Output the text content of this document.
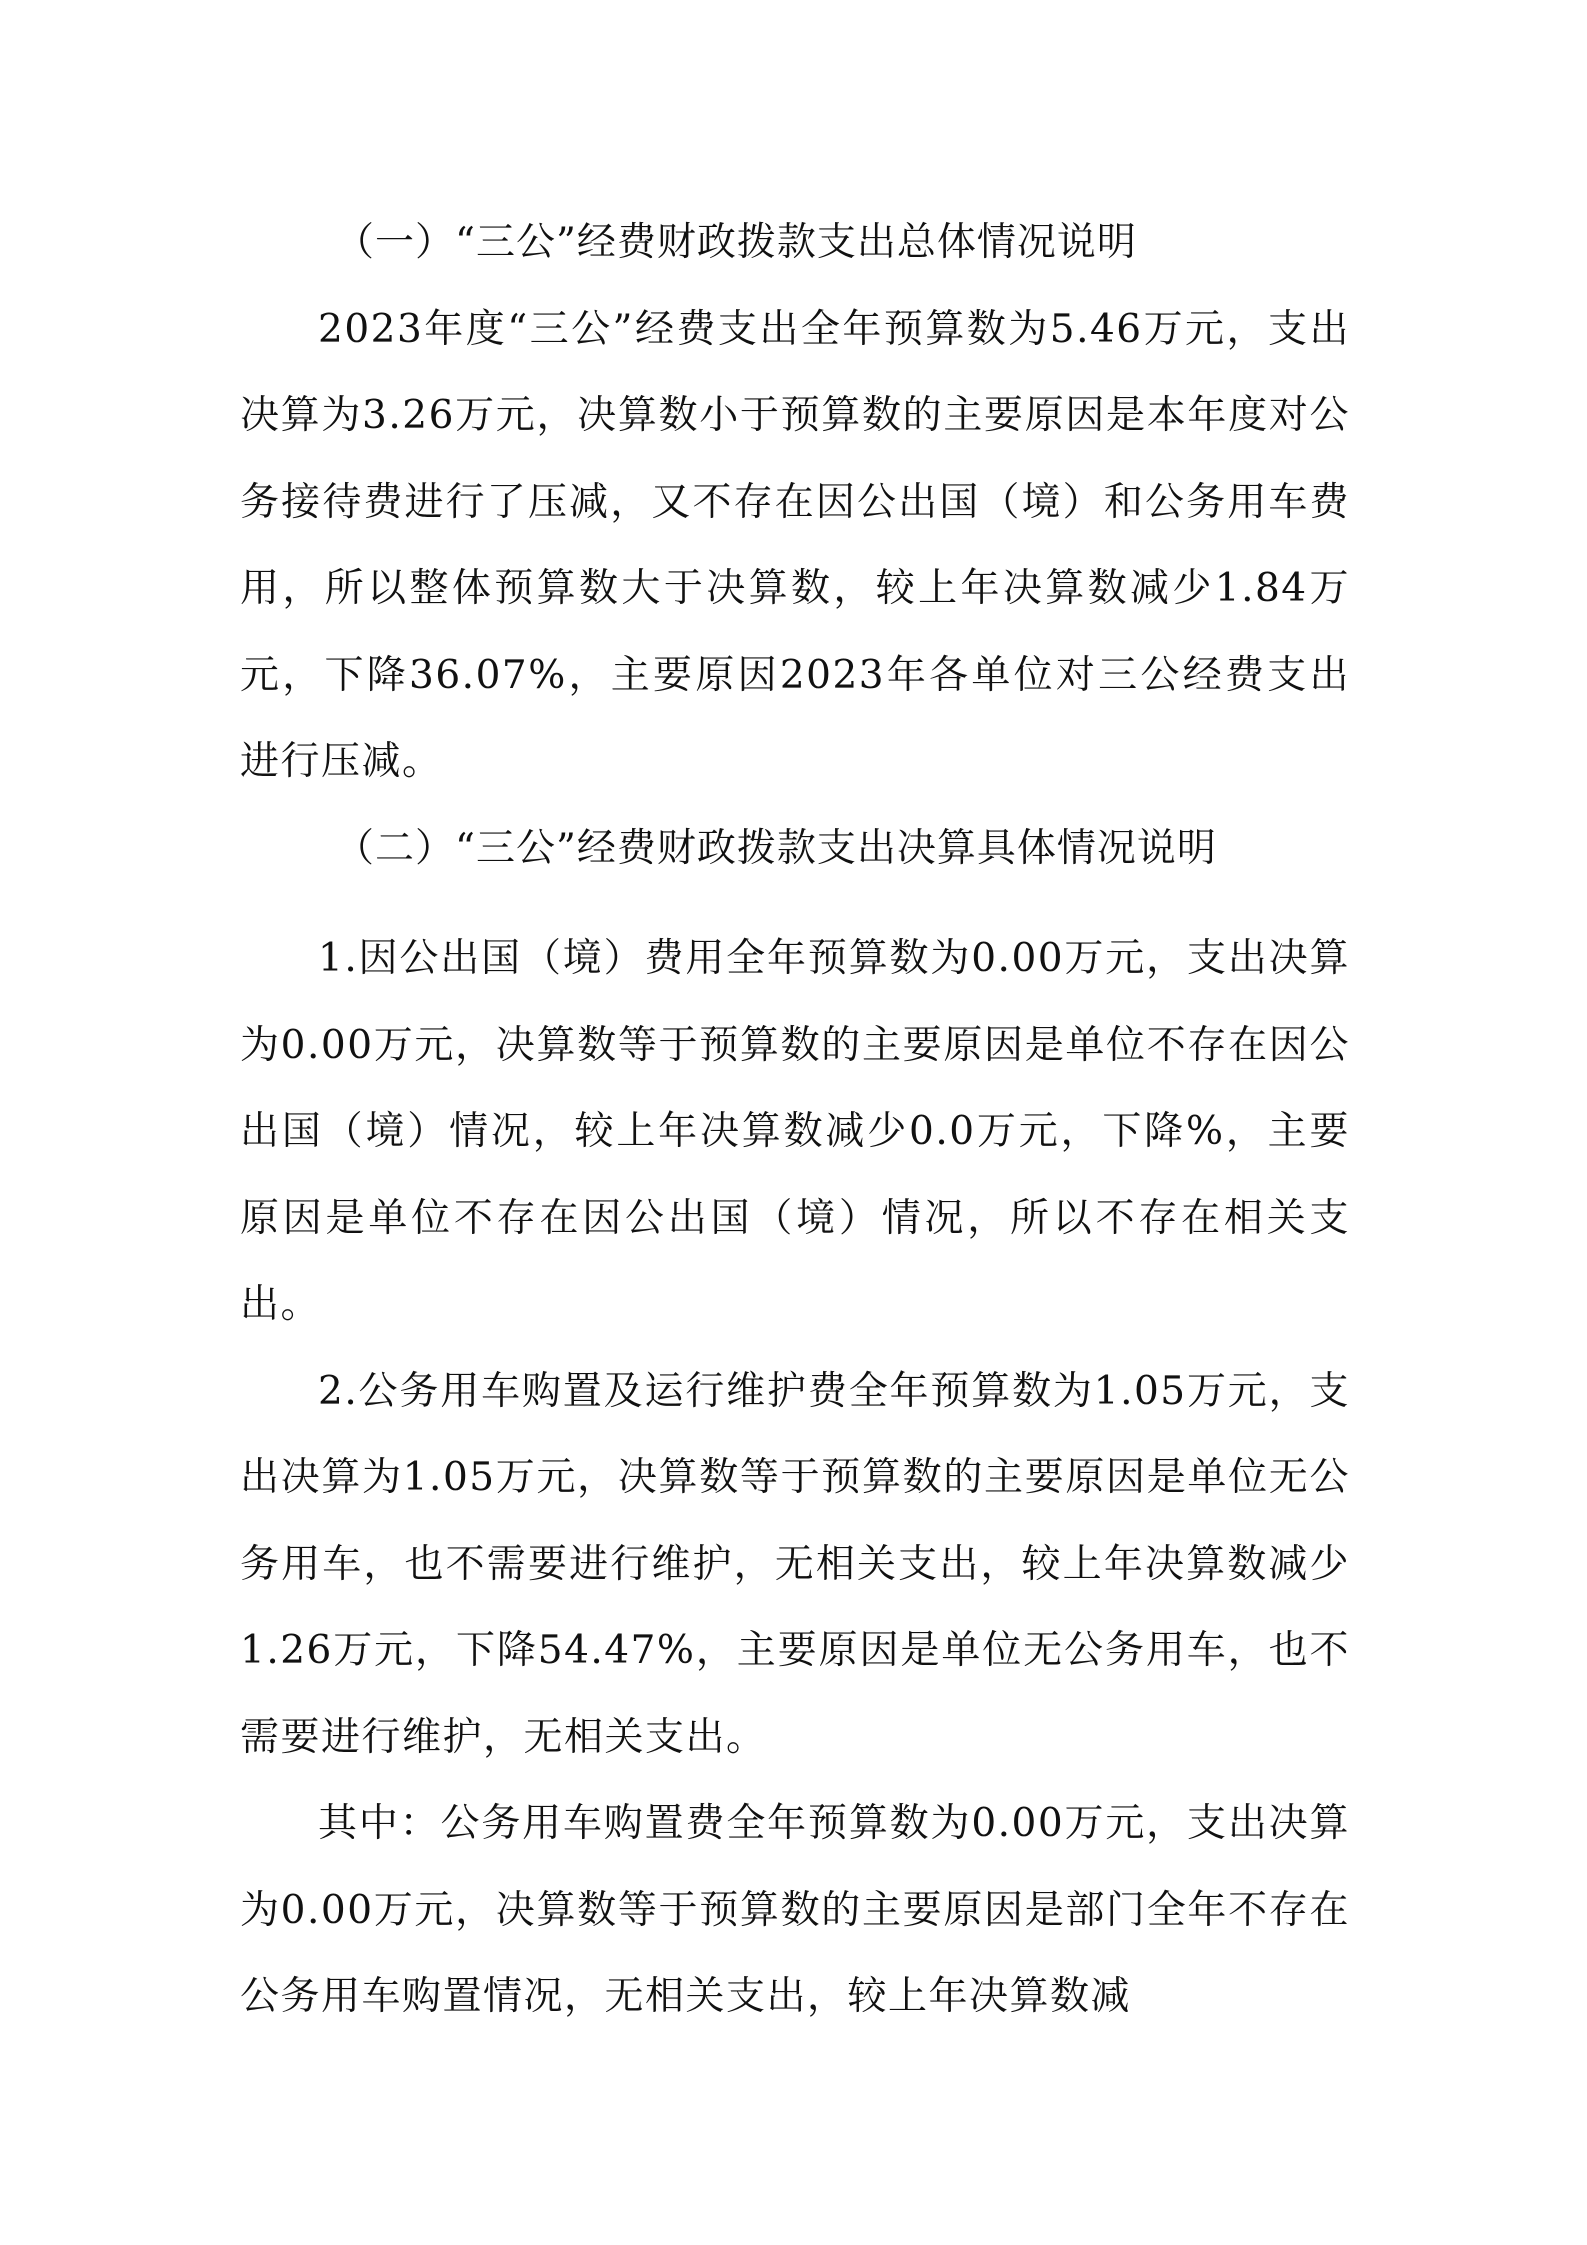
（一）“三公”经费财政拨款支出总体情况说明

2023年度“三公”经费支出全年预算数为5.46万元，支出决算为3.26万元，决算数小于预算数的主要原因是本年度对公务接待费进行了压减，又不存在因公出国（境）和公务用车费用，所以整体预算数大于决算数，较上年决算数减少1.84万元，下降36.07%，主要原因2023年各单位对三公经费支出进行压减。

（二）“三公”经费财政拨款支出决算具体情况说明

1.因公出国（境）费用全年预算数为0.00万元，支出决算为0.00万元，决算数等于预算数的主要原因是单位不存在因公出国（境）情况，较上年决算数减少0.0万元，下降%，主要原因是单位不存在因公出国（境）情况，所以不存在相关支出。

2.公务用车购置及运行维护费全年预算数为1.05万元，支出决算为1.05万元，决算数等于预算数的主要原因是单位无公务用车，也不需要进行维护，无相关支出，较上年决算数减少1.26万元，下降54.47%，主要原因是单位无公务用车，也不需要进行维护，无相关支出。

其中：公务用车购置费全年预算数为0.00万元，支出决算为0.00万元，决算数等于预算数的主要原因是部门全年不存在公务用车购置情况，无相关支出，较上年决算数减
